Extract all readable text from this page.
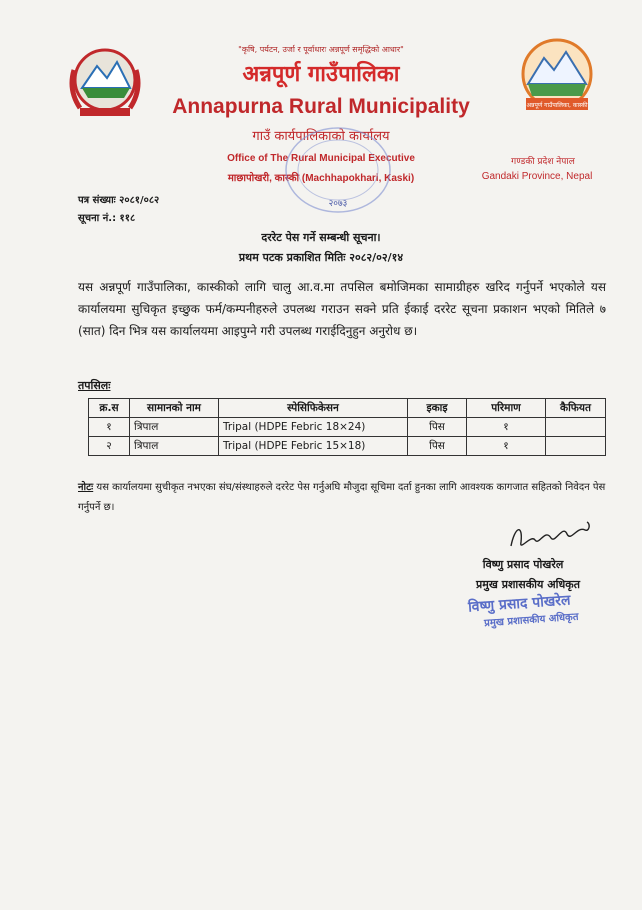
अन्नपूर्ण गाउँपालिका, कास्की
"कृषि, पर्यटन, उर्जा र पूर्वाधारः अन्नपूर्ण समृद्धिको आधार"
अन्नपूर्ण गाउँपालिका
Annapurna Rural Municipality
गाउँ कार्यपालिकाको कार्यालय
Office of The Rural Municipal Executive
माछापोखरी, कास्की (Machhapokhari, Kaski)
गण्डकी प्रदेश नेपाल
Gandaki Province, Nepal
२०७३
पत्र संख्याः २०८१/०८२
सूचना नं.: ११८
दररेट पेस गर्ने सम्बन्धी सूचना।
प्रथम पटक प्रकाशित मितिः २०८२/०२/१४
यस अन्नपूर्ण गाउँपालिका, कास्कीको लागि चालु आ.व.मा तपसिल बमोजिमका सामाग्रीहरु खरिद गर्नुपर्ने भएकोले यस कार्यालयमा सुचिकृत इच्छुक फर्म/कम्पनीहरुले उपलब्ध गराउन सक्ने प्रति ईकाई दररेट सूचना प्रकाशन भएको मितिले ७ (सात) दिन भित्र यस कार्यालयमा आइपुग्ने गरी उपलब्ध गराईदिनुहुन अनुरोध छ।
तपसिलः
क्र.स	सामानको नाम	स्पेसिफिकेसन	इकाइ	परिमाण	कैफियत
१	त्रिपाल	Tripal (HDPE Febric 18×24)	पिस	१	
२	त्रिपाल	Tripal (HDPE Febric 15×18)	पिस	१	
नोटः यस कार्यालयमा सुचीकृत नभएका संघ/संस्थाहरुले दररेट पेस गर्नुअघि मौजुदा सूचिमा दर्ता हुनका लागि आवश्यक कागजात सहितको निवेदन पेस गर्नुपर्ने छ।
विष्णु प्रसाद पोखरेल
प्रमुख प्रशासकीय अधिकृत
विष्णु प्रसाद पोखरेल
प्रमुख प्रशासकीय अधिकृत
